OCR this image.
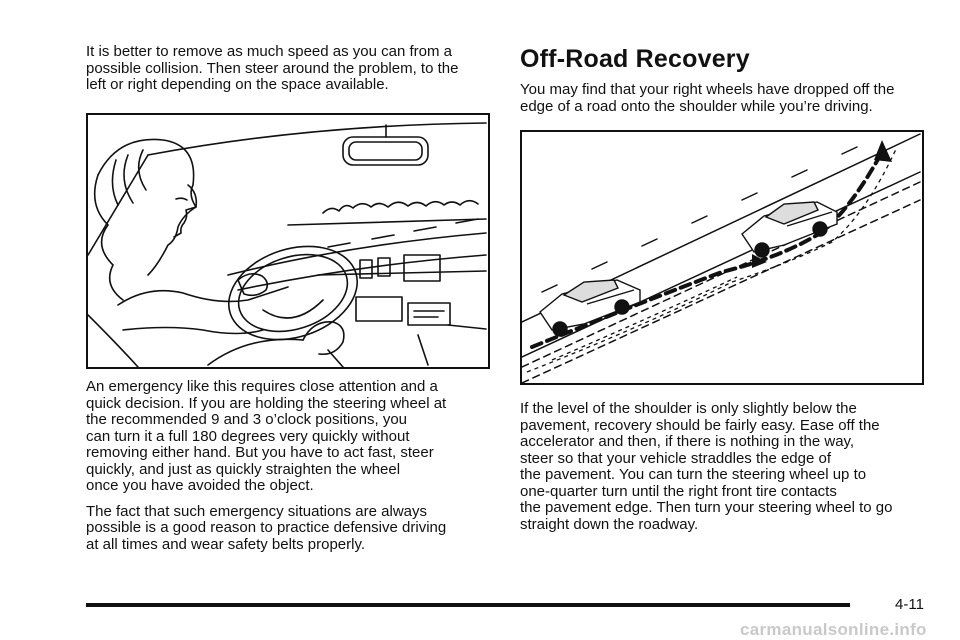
It is better to remove as much speed as you can from a
possible collision. Then steer around the problem, to the
left or right depending on the space available.

An emergency like this requires close attention and a
quick decision. If you are holding the steering wheel at
the recommended 9 and 3 o’clock positions, you
can turn it a full 180 degrees very quickly without
removing either hand. But you have to act fast, steer
quickly, and just as quickly straighten the wheel
once you have avoided the object.

The fact that such emergency situations are always
possible is a good reason to practice defensive driving
at all times and wear safety belts properly.

Off-Road Recovery

You may find that your right wheels have dropped off the
edge of a road onto the shoulder while you’re driving.

If the level of the shoulder is only slightly below the
pavement, recovery should be fairly easy. Ease off the
accelerator and then, if there is nothing in the way,
steer so that your vehicle straddles the edge of
the pavement. You can turn the steering wheel up to
one-quarter turn until the right front tire contacts
the pavement edge. Then turn your steering wheel to go
straight down the roadway.

4-11
carmanualsonline.info
